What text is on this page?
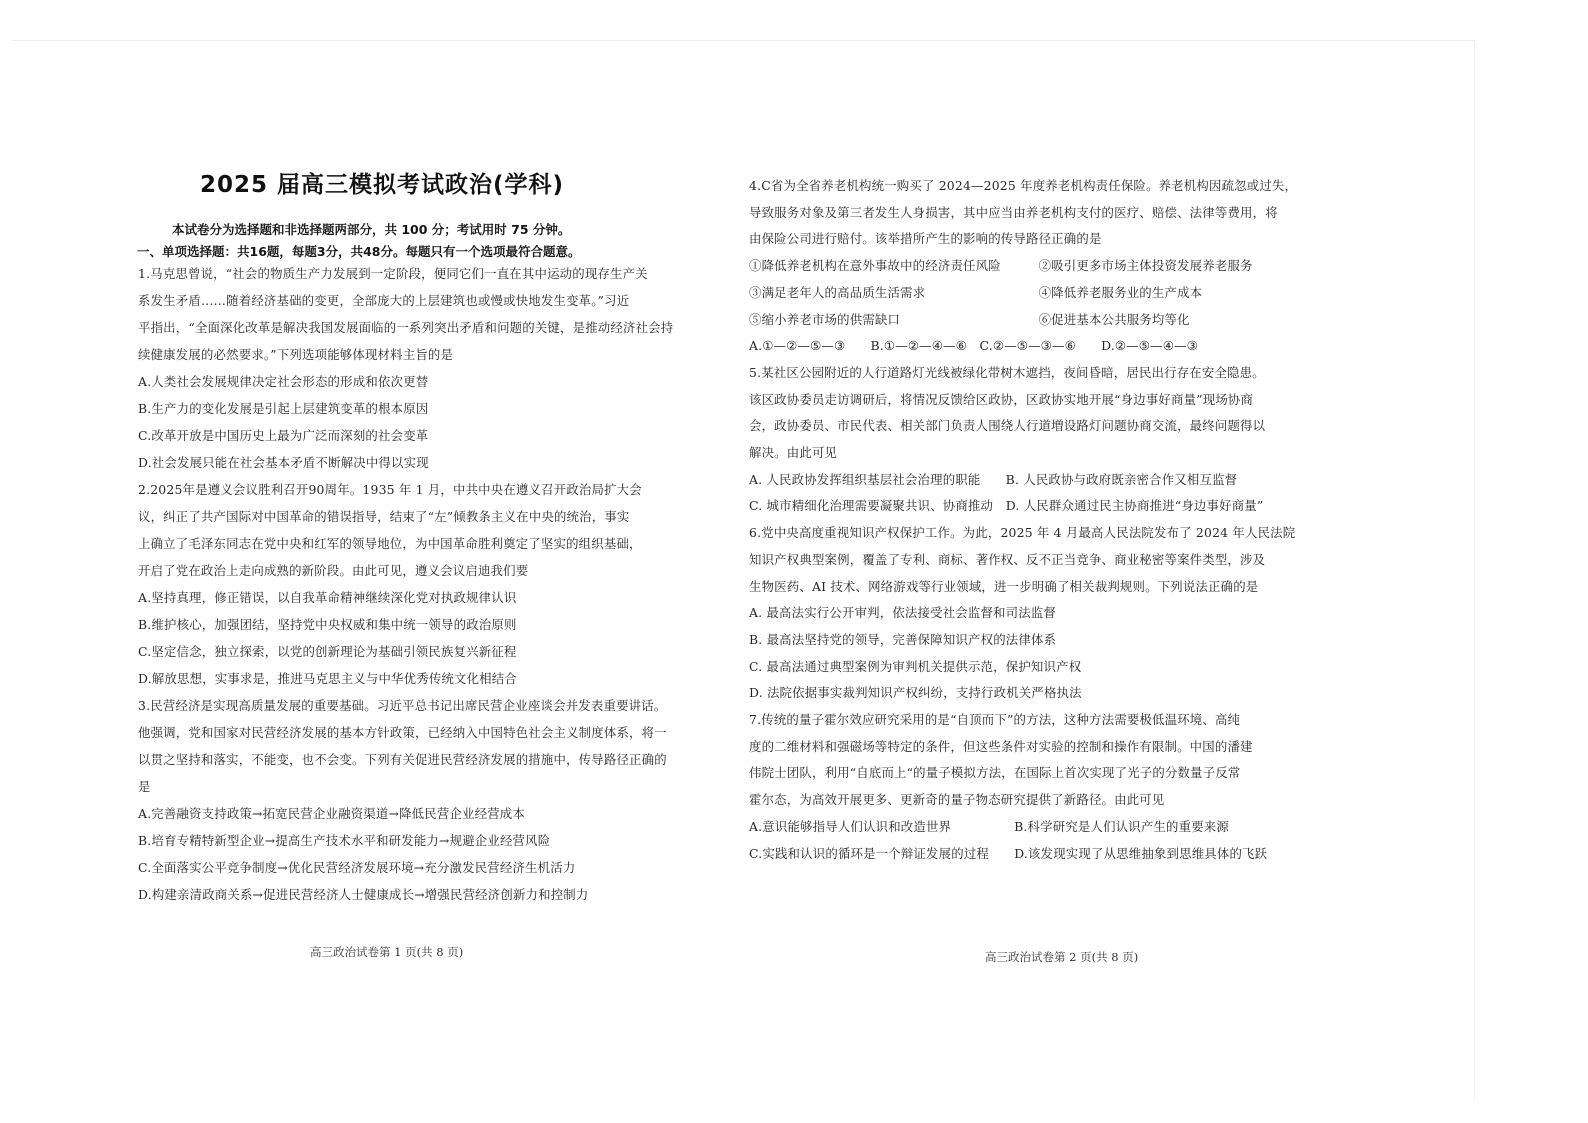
2025 届高三模拟考试政治(学科)
本试卷分为选择题和非选择题两部分，共 100 分；考试用时 75 分钟。
一、单项选择题：共16题，每题3分，共48分。每题只有一个选项最符合题意。
1.马克思曾说，“社会的物质生产力发展到一定阶段，便同它们一直在其中运动的现存生产关
系发生矛盾……随着经济基础的变更，全部庞大的上层建筑也或慢或快地发生变革。”习近
平指出，“全面深化改革是解决我国发展面临的一系列突出矛盾和问题的关键，是推动经济社会持
续健康发展的必然要求。”下列选项能够体现材料主旨的是
A.人类社会发展规律决定社会形态的形成和依次更替
B.生产力的变化发展是引起上层建筑变革的根本原因
C.改革开放是中国历史上最为广泛而深刻的社会变革
D.社会发展只能在社会基本矛盾不断解决中得以实现
2.2025年是遵义会议胜利召开90周年。1935 年 1 月，中共中央在遵义召开政治局扩大会
议，纠正了共产国际对中国革命的错误指导，结束了“左”倾教条主义在中央的统治，事实
上确立了毛泽东同志在党中央和红军的领导地位，为中国革命胜利奠定了坚实的组织基础，
开启了党在政治上走向成熟的新阶段。由此可见，遵义会议启迪我们要
A.坚持真理，修正错误，以自我革命精神继续深化党对执政规律认识
B.维护核心，加强团结，坚持党中央权威和集中统一领导的政治原则
C.坚定信念，独立探索，以党的创新理论为基础引领民族复兴新征程
D.解放思想，实事求是，推进马克思主义与中华优秀传统文化相结合
3.民营经济是实现高质量发展的重要基础。习近平总书记出席民营企业座谈会并发表重要讲话。
他强调，党和国家对民营经济发展的基本方针政策，已经纳入中国特色社会主义制度体系，将一
以贯之坚持和落实，不能变，也不会变。下列有关促进民营经济发展的措施中，传导路径正确的
是
A.完善融资支持政策→拓宽民营企业融资渠道→降低民营企业经营成本
B.培育专精特新型企业→提高生产技术水平和研发能力→规避企业经营风险
C.全面落实公平竞争制度→优化民营经济发展环境→充分激发民营经济生机活力
D.构建亲清政商关系→促进民营经济人士健康成长→增强民营经济创新力和控制力
4.C省为全省养老机构统一购买了 2024—2025 年度养老机构责任保险。养老机构因疏忽或过失，
导致服务对象及第三者发生人身损害，其中应当由养老机构支付的医疗、赔偿、法律等费用，将
由保险公司进行赔付。该举措所产生的影响的传导路径正确的是
①降低养老机构在意外事故中的经济责任风险　　　②吸引更多市场主体投资发展养老服务
③满足老年人的高品质生活需求　　　　　　　　　④降低养老服务业的生产成本
⑤缩小养老市场的供需缺口　　　　　　　　　　　⑥促进基本公共服务均等化
A.①—②—⑤—③　　B.①—②—④—⑥　C.②—⑤—③—⑥　　D.②—⑤—④—③
5.某社区公园附近的人行道路灯光线被绿化带树木遮挡，夜间昏暗，居民出行存在安全隐患。
该区政协委员走访调研后，将情况反馈给区政协，区政协实地开展“身边事好商量”现场协商
会，政协委员、市民代表、相关部门负责人围绕人行道増设路灯问题协商交流，最终问题得以
解决。由此可见
A. 人民政协发挥组织基层社会治理的职能　　B. 人民政协与政府既亲密合作又相互监督
C. 城市精细化治理需要凝聚共识、协商推动　D. 人民群众通过民主协商推进“身边事好商量”
6.党中央高度重视知识产权保护工作。为此，2025 年 4 月最高人民法院发布了 2024 年人民法院
知识产权典型案例，覆盖了专利、商标、著作权、反不正当竞争、商业秘密等案件类型，涉及
生物医药、AI 技术、网络游戏等行业领域，进一步明确了相关裁判规则。下列说法正确的是
A. 最高法实行公开审判，依法接受社会监督和司法监督
B. 最高法坚持党的领导，完善保障知识产权的法律体系
C. 最高法通过典型案例为审判机关提供示范，保护知识产权
D. 法院依据事实裁判知识产权纠纷，支持行政机关严格执法
7.传统的量子霍尔效应研究采用的是“自顶而下”的方法，这种方法需要极低温环境、高纯
度的二维材料和强磁场等特定的条件，但这些条件对实验的控制和操作有限制。中国的潘建
伟院士团队，利用“自底而上“的量子模拟方法，在国际上首次实现了光子的分数量子反常
霍尔态，为高效开展更多、更新奇的量子物态研究提供了新路径。由此可见
A.意识能够指导人们认识和改造世界　　　　　B.科学研究是人们认识产生的重要来源
C.实践和认识的循环是一个辩证发展的过程　　D.该发现实现了从思维抽象到思维具体的飞跃
高三政治试卷第 1 页(共 8 页)	高三政治试卷第 2 页(共 8 页)
